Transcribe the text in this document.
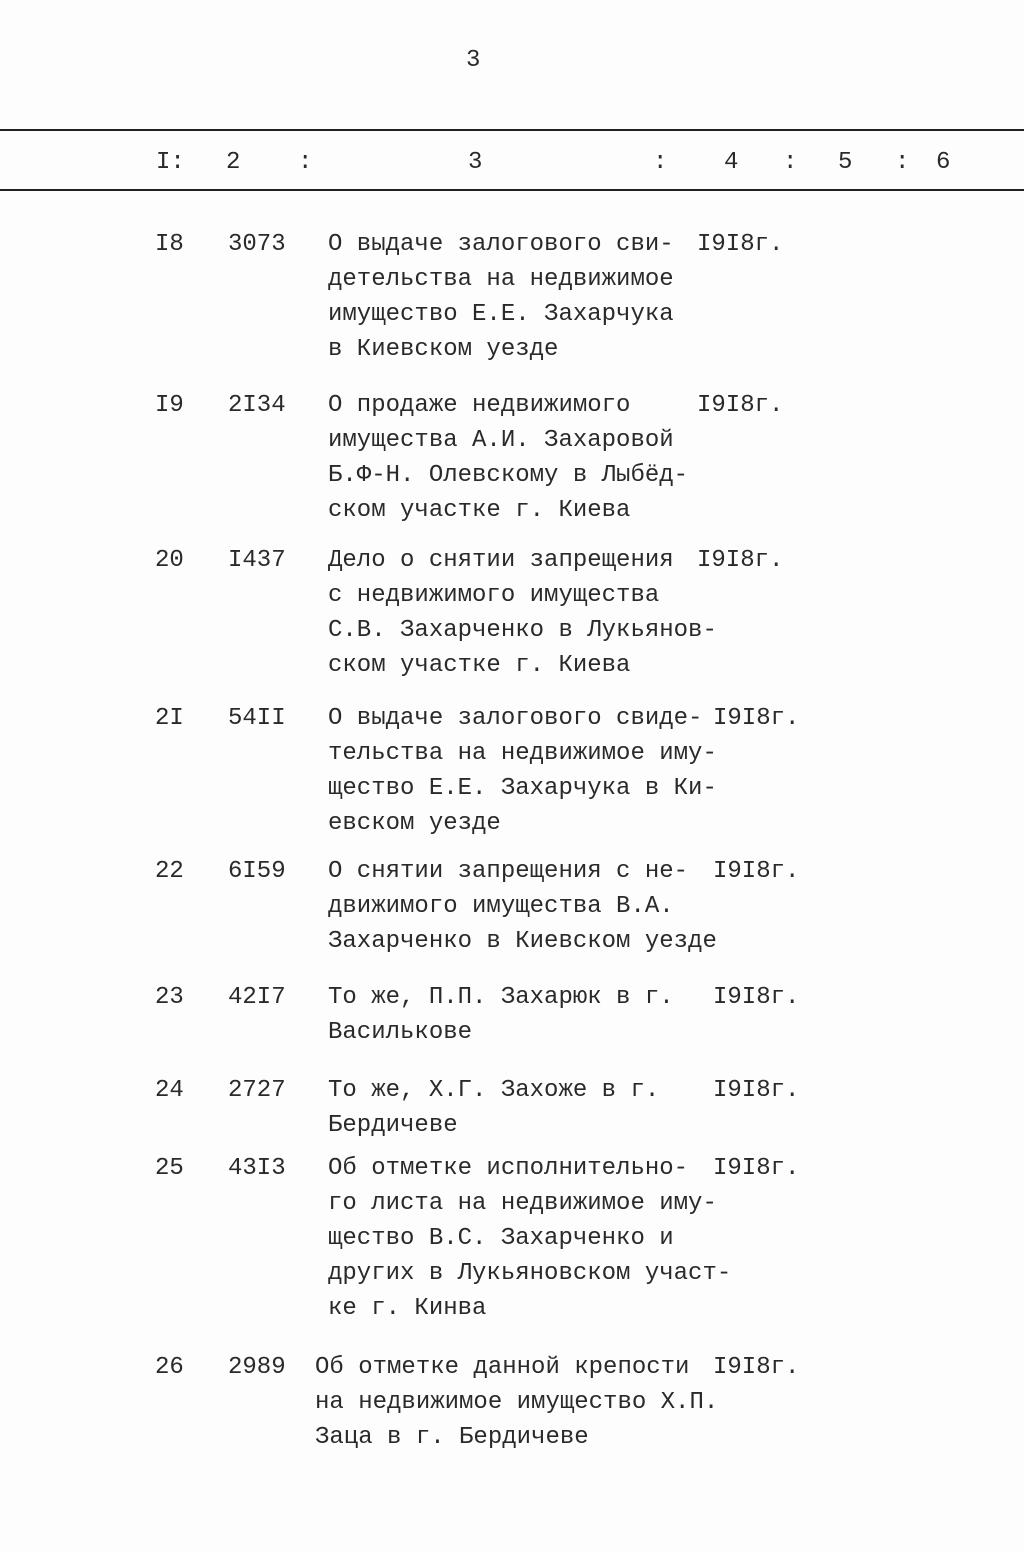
3
I: 2 :	3	: 4 : 5 : 6
I8 3073 О выдаче залогового сви-
детельства на недвижимое
имущество Е.Е. Захарчука
в Киевском уезде
I9I8г.
I9 2I34 О продаже недвижимого
имущества А.И. Захаровой
Б.Ф-Н. Олевскому в Лыбёд-
ском участке г. Киева
I9I8г.
20 I437 Дело о снятии запрещения
с недвижимого имущества
С.В. Захарченко в Лукьянов-
ском участке г. Киева
I9I8г.
2I 54II О выдаче залогового свиде-
тельства на недвижимое иму-
щество Е.Е. Захарчука в Ки-
евском уезде
I9I8г.
22 6I59 О снятии запрещения с не-
движимого имущества В.А.
Захарченко в Киевском уезде
I9I8г.
23 42I7 То же, П.П. Захарюк в г.
Василькове
I9I8г.
24 2727 То же, Х.Г. Захоже в г.
Бердичеве
I9I8г.
25 43I3 Об отметке исполнительно-
го листа на недвижимое иму-
щество В.С. Захарченко и
других в Лукьяновском участ-
ке г. Кинва
I9I8г.
26 2989 Об отметке данной крепости
на недвижимое имущество Х.П.
Заца в г. Бердичеве
I9I8г.
